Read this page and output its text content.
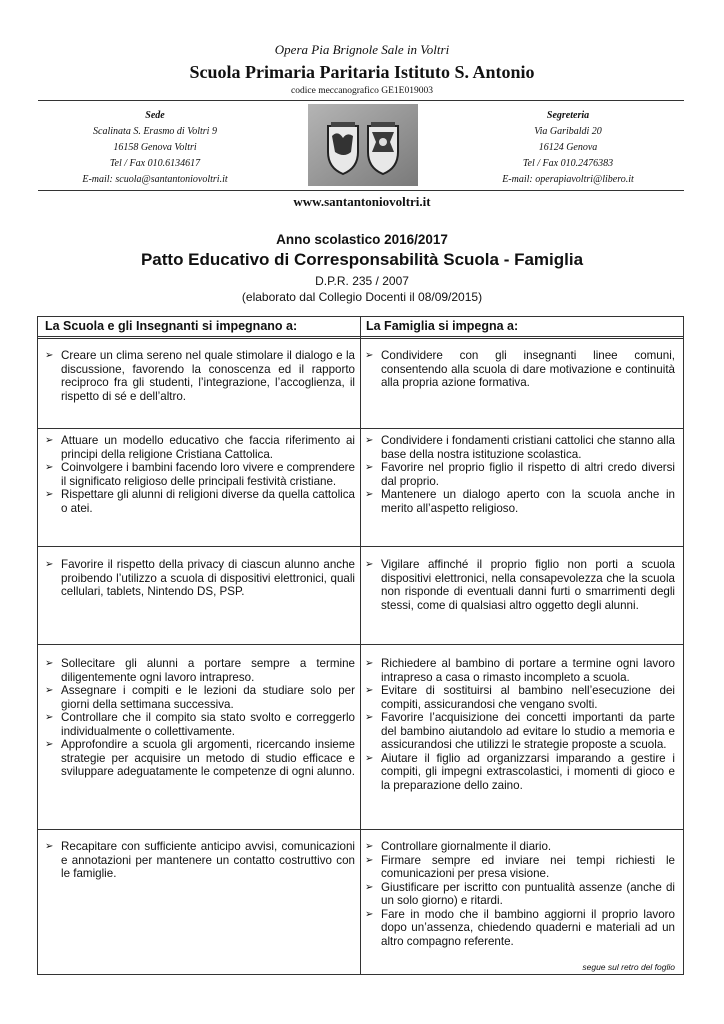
Opera Pia Brignole Sale in Voltri
Scuola Primaria Paritaria Istituto S. Antonio
codice meccanografico GE1E019003
Sede
Scalinata S. Erasmo di Voltri 9
16158 Genova Voltri
Tel / Fax 010.6134617
E-mail: scuola@santantoniovoltri.it
Segreteria
Via Garibaldi 20
16124 Genova
Tel / Fax 010.2476383
E-mail: operapiavoltri@libero.it
www.santantoniovoltri.it
Anno scolastico 2016/2017
Patto Educativo di Corresponsabilità Scuola - Famiglia
D.P.R. 235 / 2007
(elaborato dal Collegio Docenti il 08/09/2015)
La Scuola e gli Insegnanti si impegnano a:	La Famiglia si impegna a:
➢ Creare un clima sereno nel quale stimolare il dialogo e la discussione, favorendo la conoscenza ed il rapporto reciproco fra gli studenti, l’integrazione, l’accoglienza, il rispetto di sé e dell’altro.
➢ Condividere con gli insegnanti linee comuni, consentendo alla scuola di dare motivazione e continuità alla propria azione formativa.
➢ Attuare un modello educativo che faccia riferimento ai principi della religione Cristiana Cattolica.
➢ Coinvolgere i bambini facendo loro vivere e comprendere il significato religioso delle principali festività cristiane.
➢ Rispettare gli alunni di religioni diverse da quella cattolica o atei.
➢ Condividere i fondamenti cristiani cattolici che stanno alla base della nostra istituzione scolastica.
➢ Favorire nel proprio figlio il rispetto di altri credo diversi dal proprio.
➢ Mantenere un dialogo aperto con la scuola anche in merito all’aspetto religioso.
➢ Favorire il rispetto della privacy di ciascun alunno anche proibendo l’utilizzo a scuola di dispositivi elettronici, quali cellulari, tablets, Nintendo DS, PSP.
➢ Vigilare affinché il proprio figlio non porti a scuola dispositivi elettronici, nella consapevolezza che la scuola non risponde di eventuali danni furti o smarrimenti degli stessi, come di qualsiasi altro oggetto degli alunni.
➢ Sollecitare gli alunni a portare sempre a termine diligentemente ogni lavoro intrapreso.
➢ Assegnare i compiti e le lezioni da studiare solo per giorni della settimana successiva.
➢ Controllare che il compito sia stato svolto e correggerlo individualmente o collettivamente.
➢ Approfondire a scuola gli argomenti, ricercando insieme strategie per acquisire un metodo di studio efficace e sviluppare adeguatamente le competenze di ogni alunno.
➢ Richiedere al bambino di portare a termine ogni lavoro intrapreso a casa o rimasto incompleto a scuola.
➢ Evitare di sostituirsi al bambino nell’esecuzione dei compiti, assicurandosi che vengano svolti.
➢ Favorire l’acquisizione dei concetti importanti da parte del bambino aiutandolo ad evitare lo studio a memoria e assicurandosi che utilizzi le strategie proposte a scuola.
➢ Aiutare il figlio ad organizzarsi imparando a gestire i compiti, gli impegni extrascolastici, i momenti di gioco e la preparazione dello zaino.
➢ Recapitare con sufficiente anticipo avvisi, comunicazioni e annotazioni per mantenere un contatto costruttivo con le famiglie.
➢ Controllare giornalmente il diario.
➢ Firmare sempre ed inviare nei tempi richiesti le comunicazioni per presa visione.
➢ Giustificare per iscritto con puntualità assenze (anche di un solo giorno) e ritardi.
➢ Fare in modo che il bambino aggiorni il proprio lavoro dopo un’assenza, chiedendo quaderni e materiali ad un altro compagno referente.
segue sul retro del foglio
